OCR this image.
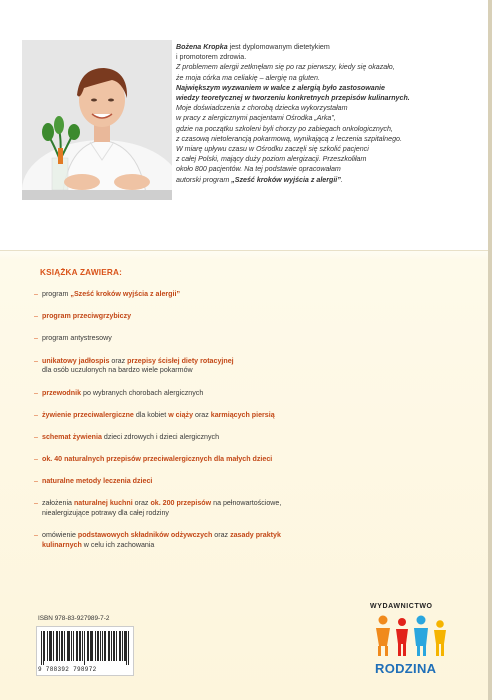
Bożena Kropka jest dyplomowanym dietetykiem

i promotorem zdrowia.

Z problemem alergii zetknęłam się po raz pierwszy, kiedy się okazało,

że moja córka ma celiakię – alergię na gluten.

Największym wyzwaniem w walce z alergią było zastosowanie

wiedzy teoretycznej w tworzeniu konkretnych przepisów kulinarnych.

Moje doświadczenia z chorobą dziecka wykorzystałam

w pracy z alergicznymi pacjentami Ośrodka „Arka”,

gdzie na początku szkoleni byli chorzy po zabiegach onkologicznych,

z czasową nietolerancją pokarmową, wynikającą z leczenia szpitalnego.

W miarę upływu czasu w Ośrodku zaczęli się szkolić pacjenci

z całej Polski, mający duży poziom alergizacji. Przeszkoliłam

około 800 pacjentów. Na tej podstawie opracowałam

autorski program „Sześć kroków wyjścia z alergii”.

KSIĄŻKA ZAWIERA:
– program „Sześć kroków wyjścia z alergii”
– program przeciwgrzybiczy
– program antystresowy
– unikatowy jadłospis oraz przepisy ścisłej diety rotacyjnej
dla osób uczulonych na bardzo wiele pokarmów
– przewodnik po wybranych chorobach alergicznych
– żywienie przeciwalergiczne dla kobiet w ciąży oraz karmiących piersią
– schemat żywienia dzieci zdrowych i dzieci alergicznych
– ok. 40 naturalnych przepisów przeciwalergicznych dla małych dzieci
– naturalne metody leczenia dzieci
– założenia naturalnej kuchni oraz ok. 200 przepisów na pełnowartościowe,
niealergizujące potrawy dla całej rodziny
– omówienie podstawowych składników odżywczych oraz zasady praktyk
kulinarnych w celu ich zachowania
ISBN 978-83-927989-7-2
9 788392 798972
WYDAWNICTWO
RODZINA
